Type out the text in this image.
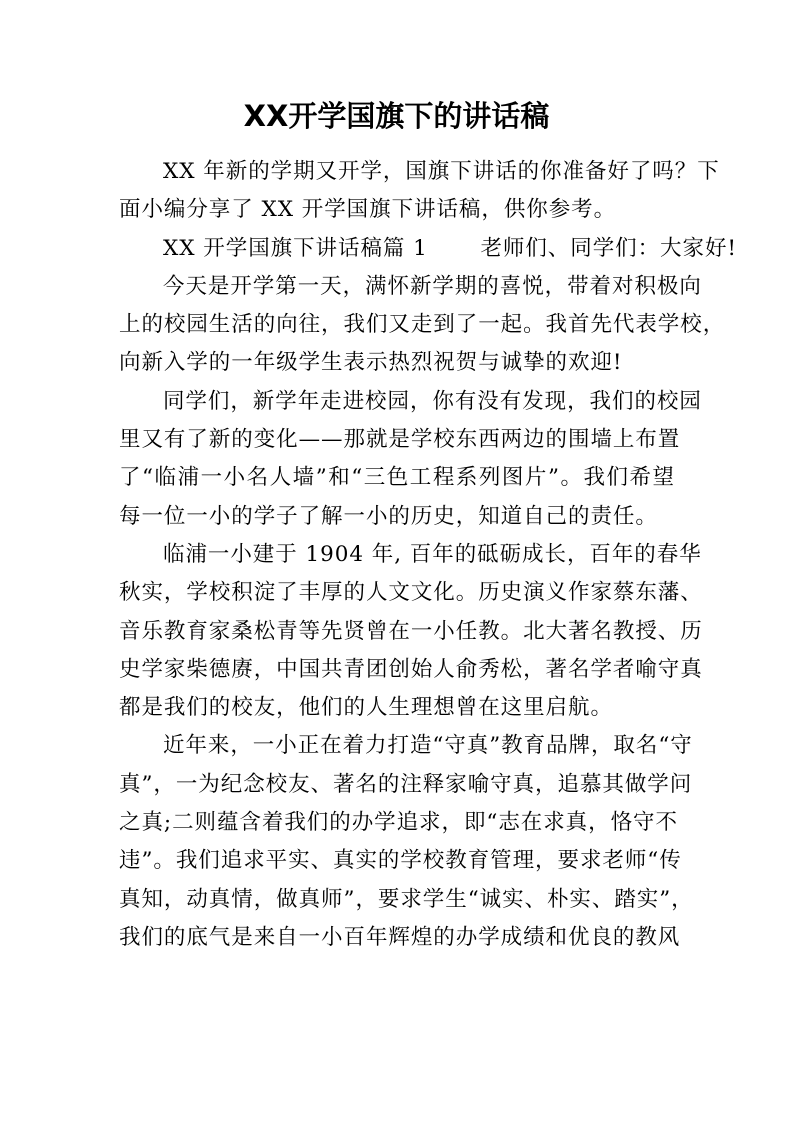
XX开学国旗下的讲话稿
XX 年新的学期又开学，国旗下讲话的你准备好了吗？下
面小编分享了 XX 开学国旗下讲话稿，供你参考。
XX 开学国旗下讲话稿篇 1　　 老师们、同学们：大家好!
今天是开学第一天，满怀新学期的喜悦，带着对积极向
上的校园生活的向往，我们又走到了一起。我首先代表学校，
向新入学的一年级学生表示热烈祝贺与诚挚的欢迎!
同学们，新学年走进校园，你有没有发现，我们的校园
里又有了新的变化——那就是学校东西两边的围墙上布置
了“临浦一小名人墙”和“三色工程系列图片”。我们希望
每一位一小的学子了解一小的历史，知道自己的责任。
临浦一小建于 1904 年, 百年的砥砺成长，百年的春华
秋实，学校积淀了丰厚的人文文化。历史演义作家蔡东藩、
音乐教育家桑松青等先贤曾在一小任教。北大著名教授、历
史学家柴德赓，中国共青团创始人俞秀松，著名学者喻守真
都是我们的校友，他们的人生理想曾在这里启航。
近年来，一小正在着力打造“守真”教育品牌，取名“守
真”，一为纪念校友、著名的注释家喻守真，追慕其做学问
之真;二则蕴含着我们的办学追求，即“志在求真，恪守不
违”。我们追求平实、真实的学校教育管理，要求老师“传
真知，动真情，做真师”，要求学生“诚实、朴实、踏实”，
我们的底气是来自一小百年辉煌的办学成绩和优良的教风
